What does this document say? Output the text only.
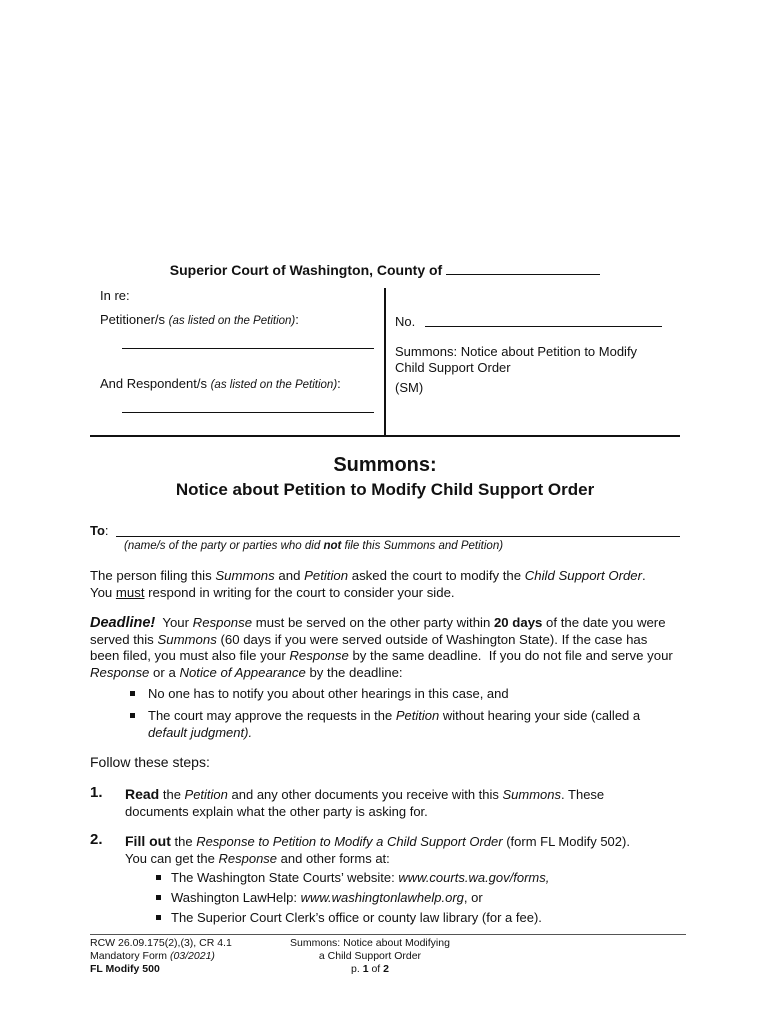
Superior Court of Washington, County of
In re:
Petitioner/s (as listed on the Petition):
And Respondent/s (as listed on the Petition):
No.
Summons: Notice about Petition to Modify
Child Support Order
(SM)
Summons:
Notice about Petition to Modify Child Support Order
To:
(name/s of the party or parties who did not file this Summons and Petition)
The person filing this Summons and Petition asked the court to modify the Child Support Order.
You must respond in writing for the court to consider your side.
Deadline!  Your Response must be served on the other party within 20 days of the date you were served this Summons (60 days if you were served outside of Washington State). If the case has been filed, you must also file your Response by the same deadline.  If you do not file and serve your Response or a Notice of Appearance by the deadline:
No one has to notify you about other hearings in this case, and
The court may approve the requests in the Petition without hearing your side (called a
default judgment).
Follow these steps:
1. Read the Petition and any other documents you receive with this Summons. These
documents explain what the other party is asking for.
2. Fill out the Response to Petition to Modify a Child Support Order (form FL Modify 502).
You can get the Response and other forms at:
The Washington State Courts’ website: www.courts.wa.gov/forms,
Washington LawHelp: www.washingtonlawhelp.org, or
The Superior Court Clerk’s office or county law library (for a fee).
RCW 26.09.175(2),(3), CR 4.1
Mandatory Form (03/2021)
FL Modify 500
Summons: Notice about Modifying
a Child Support Order
p. 1 of 2
